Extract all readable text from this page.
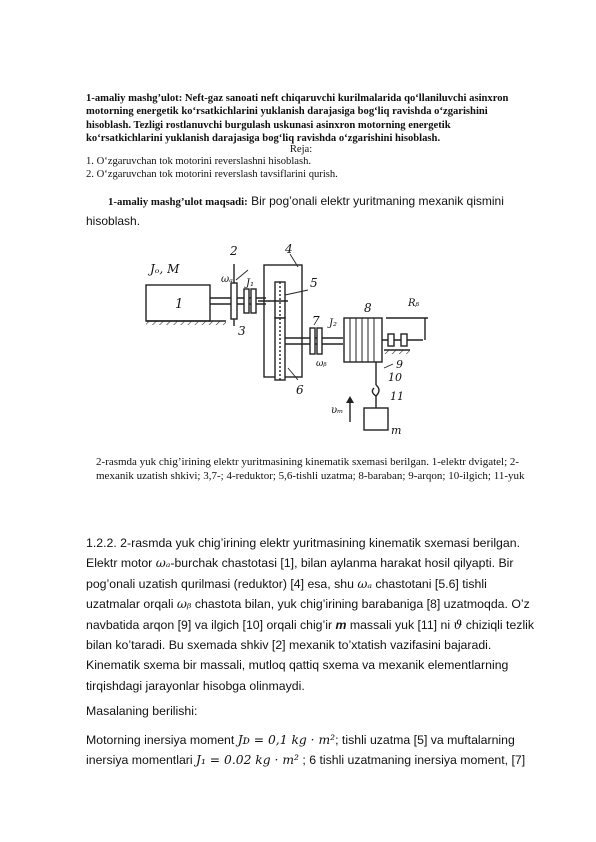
1-amaliy mashg’ulot: Neft-gaz sanoati neft chiqaruvchi kurilmalarida qo‘llaniluvchi asinxron motorning energetik ko‘rsatkichlarini yuklanish darajasiga bog‘liq ravishda o‘zgarishini hisoblash. Tezligi rostlanuvchi burgulash uskunasi asinxron motorning energetik ko‘rsatkichlarini yuklanish darajasiga bog‘liq ravishda o‘zgarishini hisoblash.
Reja:
1. O‘zgaruvchan tok motorini reverslashni hisoblash.
2. O‘zgaruvchan tok motorini reverslash tavsiflarini qurish.
1-amaliy mashg’ulot maqsadi: Bir pog’onali elektr yuritmaning mexanik qismini hisoblash.
Jₒ, M
1
2
ωₐ J₁
3
4
5
6
7 J₂
ωᵦ
8	Rᵦ
9
10
11
υₘ
m
2-rasmda yuk chig’irining elektr yuritmasining kinematik sxemasi berilgan. 1-elektr dvigatel; 2-mexanik uzatish shkivi; 3,7-; 4-reduktor; 5,6-tishli uzatma; 8-baraban; 9-arqon; 10-ilgich; 11-yuk
1.2.2. 2-rasmda yuk chig’irining elektr yuritmasining kinematik sxemasi berilgan. Elektr motor ωₐ-burchak chastotasi [1], bilan aylanma harakat hosil qilyapti. Bir pog’onali uzatish qurilmasi (reduktor) [4] esa, shu ωₐ chastotani [5.6] tishli uzatmalar orqali ωᵦ chastota bilan, yuk chig’irining barabaniga [8] uzatmoqda. O’z navbatida arqon [9] va ilgich [10] orqali chig’ir m massali yuk [11] ni ϑ chiziqli tezlik bilan ko’taradi. Bu sxemada shkiv [2] mexanik to’xtatish vazifasini bajaradi. Kinematik sxema bir massali, mutloq qattiq sxema va mexanik elementlarning tirqishdagi jarayonlar hisobga olinmaydi.
Masalaning berilishi:
Motorning inersiya moment Jᴅ = 0,1 kg · m²; tishli uzatma [5] va muftalarning inersiya momentlari J₁ = 0.02 kg · m² ; 6 tishli uzatmaning inersiya moment, [7]
